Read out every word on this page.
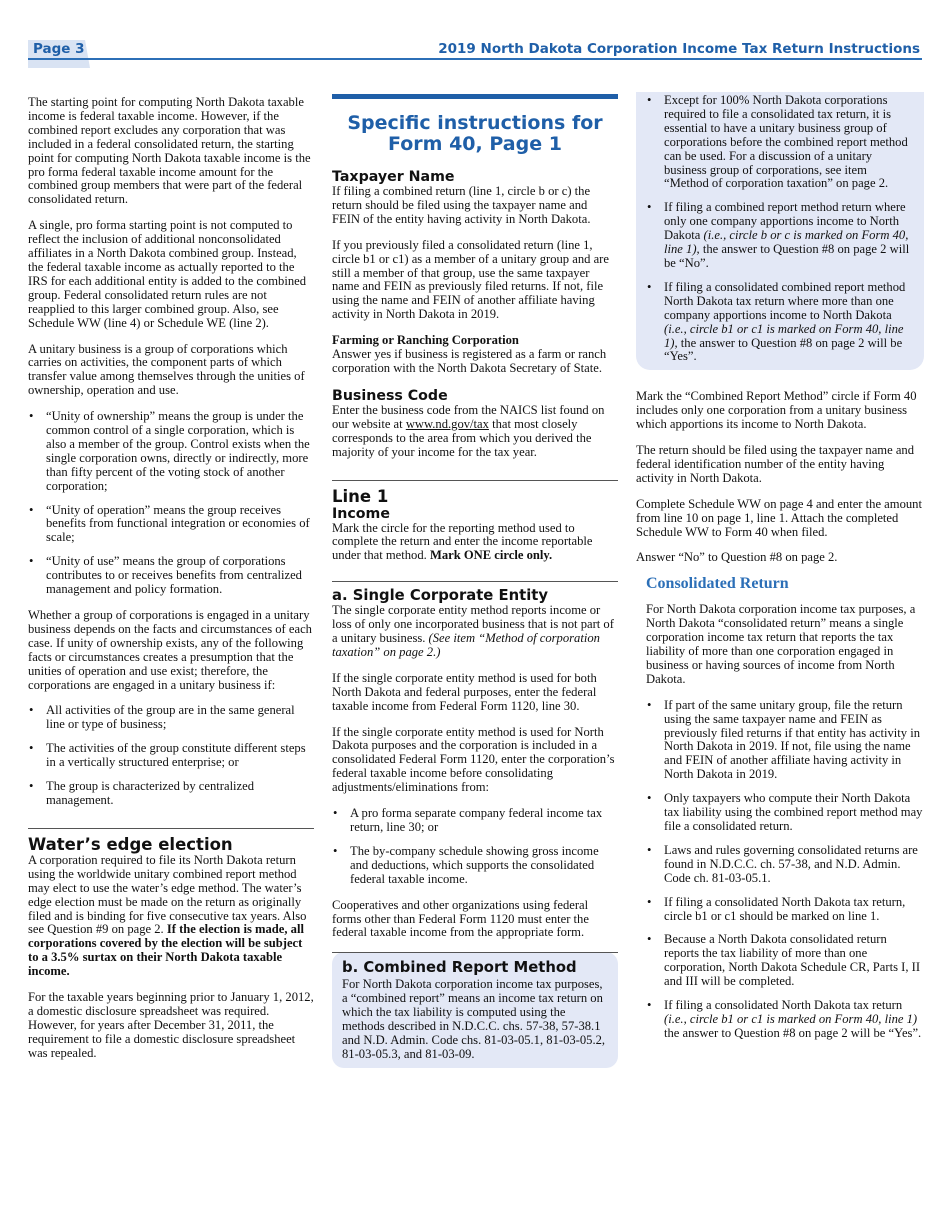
Page 3	2019 North Dakota Corporation Income Tax Return Instructions

The starting point for computing North Dakota taxable income is federal taxable income. However, if the combined report excludes any corporation that was included in a federal consolidated return, the starting point for computing North Dakota taxable income is the pro forma federal taxable income amount for the combined group members that were part of the federal consolidated return.

A single, pro forma starting point is not computed to reflect the inclusion of additional nonconsolidated affiliates in a North Dakota combined group. Instead, the federal taxable income as actually reported to the IRS for each additional entity is added to the combined group. Federal consolidated return rules are not reapplied to this larger combined group. Also, see Schedule WW (line 4) or Schedule WE (line 2).

A unitary business is a group of corporations which carries on activities, the component parts of which transfer value among themselves through the unities of ownership, operation and use.

• “Unity of ownership” means the group is under the common control of a single corporation, which is also a member of the group. Control exists when the single corporation owns, directly or indirectly, more than fifty percent of the voting stock of another corporation;
• “Unity of operation” means the group receives benefits from functional integration or economies of scale;
• “Unity of use” means the group of corporations contributes to or receives benefits from centralized management and policy formation.

Whether a group of corporations is engaged in a unitary business depends on the facts and circumstances of each case. If unity of ownership exists, any of the following facts or circumstances creates a presumption that the unities of operation and use exist; therefore, the corporations are engaged in a unitary business if:

• All activities of the group are in the same general line or type of business;
• The activities of the group constitute different steps in a vertically structured enterprise; or
• The group is characterized by centralized management.
Water’s edge election

A corporation required to file its North Dakota return using the worldwide unitary combined report method may elect to use the water’s edge method. The water’s edge election must be made on the return as originally filed and is binding for five consecutive tax years. Also see Question #9 on page 2. If the election is made, all corporations covered by the election will be subject to a 3.5% surtax on their North Dakota taxable income.

For the taxable years beginning prior to January 1, 2012, a domestic disclosure spreadsheet was required. However, for years after December 31, 2011, the requirement to file a domestic disclosure spreadsheet was repealed.

Specific instructions for Form 40, Page 1
Taxpayer Name

If filing a combined return (line 1, circle b or c) the return should be filed using the taxpayer name and FEIN of the entity having activity in North Dakota.

If you previously filed a consolidated return (line 1, circle b1 or c1) as a member of a unitary group and are still a member of that group, use the same taxpayer name and FEIN as previously filed returns. If not, file using the name and FEIN of another affiliate having activity in North Dakota in 2019.

Farming or Ranching Corporation

Answer yes if business is registered as a farm or ranch corporation with the North Dakota Secretary of State.

Business Code

Enter the business code from the NAICS list found on our website at www.nd.gov/tax that most closely corresponds to the area from which you derived the majority of your income for the tax year.

Line 1
Income

Mark the circle for the reporting method used to complete the return and enter the income reportable under that method. Mark ONE circle only.

a. Single Corporate Entity

The single corporate entity method reports income or loss of only one incorporated business that is not part of a unitary business. (See item “Method of corporation taxation” on page 2.)

If the single corporate entity method is used for both North Dakota and federal purposes, enter the federal taxable income from Federal Form 1120, line 30.

If the single corporate entity method is used for North Dakota purposes and the corporation is included in a consolidated Federal Form 1120, enter the corporation’s federal taxable income before consolidating adjustments/eliminations from:

• A pro forma separate company federal income tax return, line 30; or
• The by-company schedule showing gross income and deductions, which supports the consolidated federal taxable income.

Cooperatives and other organizations using federal forms other than Federal Form 1120 must enter the federal taxable income from the appropriate form.

b. Combined Report Method

For North Dakota corporation income tax purposes, a “combined report” means an income tax return on which the tax liability is computed using the methods described in N.D.C.C. chs. 57-38, 57-38.1 and N.D. Admin. Code chs. 81-03-05.1, 81-03-05.2, 81-03-05.3, and 81-03-09.

• Except for 100% North Dakota corporations required to file a consolidated tax return, it is essential to have a unitary business group of corporations before the combined report method can be used. For a discussion of a unitary business group of corporations, see item “Method of corporation taxation” on page 2.
• If filing a combined report method return where only one company apportions income to North Dakota (i.e., circle b or c is marked on Form 40, line 1), the answer to Question #8 on page 2 will be “No”.
• If filing a consolidated combined report method North Dakota tax return where more than one company apportions income to North Dakota (i.e., circle b1 or c1 is marked on Form 40, line 1), the answer to Question #8 on page 2 will be “Yes”.

Mark the “Combined Report Method” circle if Form 40 includes only one corporation from a unitary business which apportions its income to North Dakota.

The return should be filed using the taxpayer name and federal identification number of the entity having activity in North Dakota.

Complete Schedule WW on page 4 and enter the amount from line 10 on page 1, line 1. Attach the completed Schedule WW to Form 40 when filed.

Answer “No” to Question #8 on page 2.

Consolidated Return

For North Dakota corporation income tax purposes, a North Dakota “consolidated return” means a single corporation income tax return that reports the tax liability of more than one corporation engaged in business or having sources of income from North Dakota.

• If part of the same unitary group, file the return using the same taxpayer name and FEIN as previously filed returns if that entity has activity in North Dakota in 2019. If not, file using the name and FEIN of another affiliate having activity in North Dakota in 2019.
• Only taxpayers who compute their North Dakota tax liability using the combined report method may file a consolidated return.
• Laws and rules governing consolidated returns are found in N.D.C.C. ch. 57-38, and N.D. Admin. Code ch. 81-03-05.1.
• If filing a consolidated North Dakota tax return, circle b1 or c1 should be marked on line 1.
• Because a North Dakota consolidated return reports the tax liability of more than one corporation, North Dakota Schedule CR, Parts I, II and III will be completed.
• If filing a consolidated North Dakota tax return (i.e., circle b1 or c1 is marked on Form 40, line 1) the answer to Question #8 on page 2 will be “Yes”.
